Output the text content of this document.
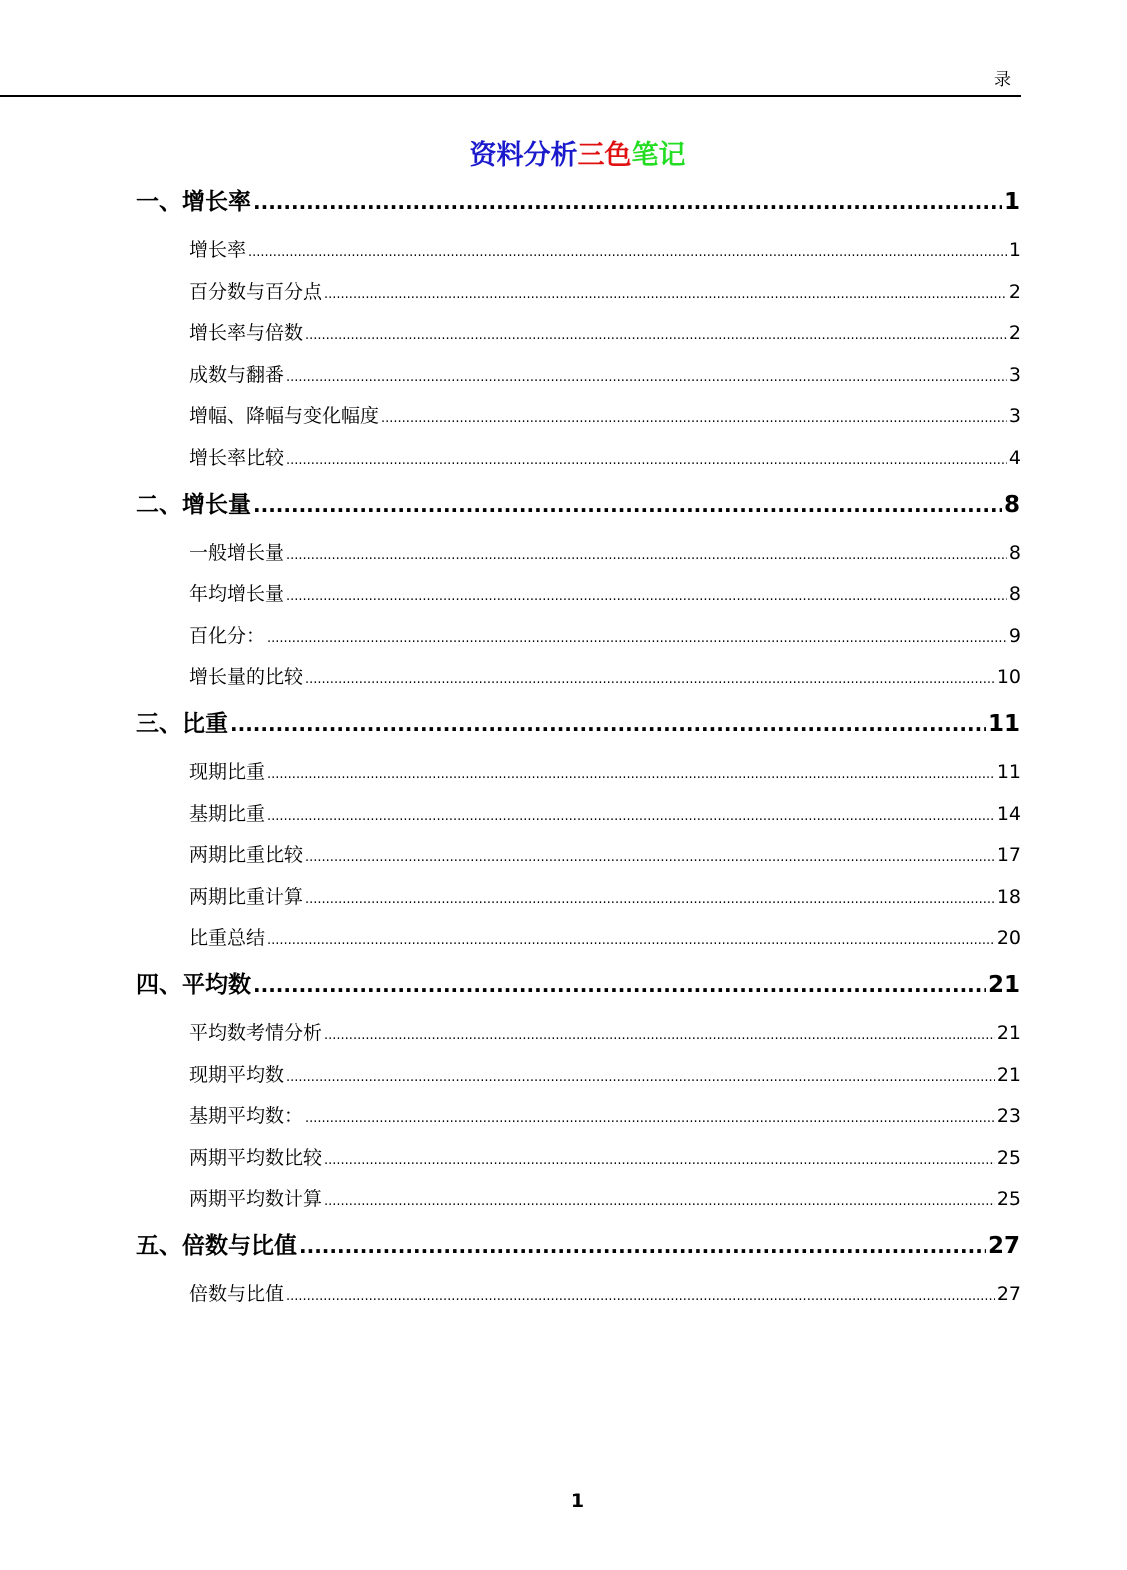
录
资料分析三色笔记
一、增长率 .....	1
增长率 .....	1
百分数与百分点 .....	2
增长率与倍数 .....	2
成数与翻番 .....	3
增幅、降幅与变化幅度 .....	3
增长率比较 .....	4
二、增长量 .....	8
一般增长量 .....	8
年均增长量 .....	8
百化分： .....	9
增长量的比较 .....	10
三、比重 .....	11
现期比重 .....	11
基期比重 .....	14
两期比重比较 .....	17
两期比重计算 .....	18
比重总结 .....	20
四、平均数 .....	21
平均数考情分析 .....	21
现期平均数 .....	21
基期平均数： .....	23
两期平均数比较 .....	25
两期平均数计算 .....	25
五、倍数与比值 .....	27
倍数与比值 .....	27
1
